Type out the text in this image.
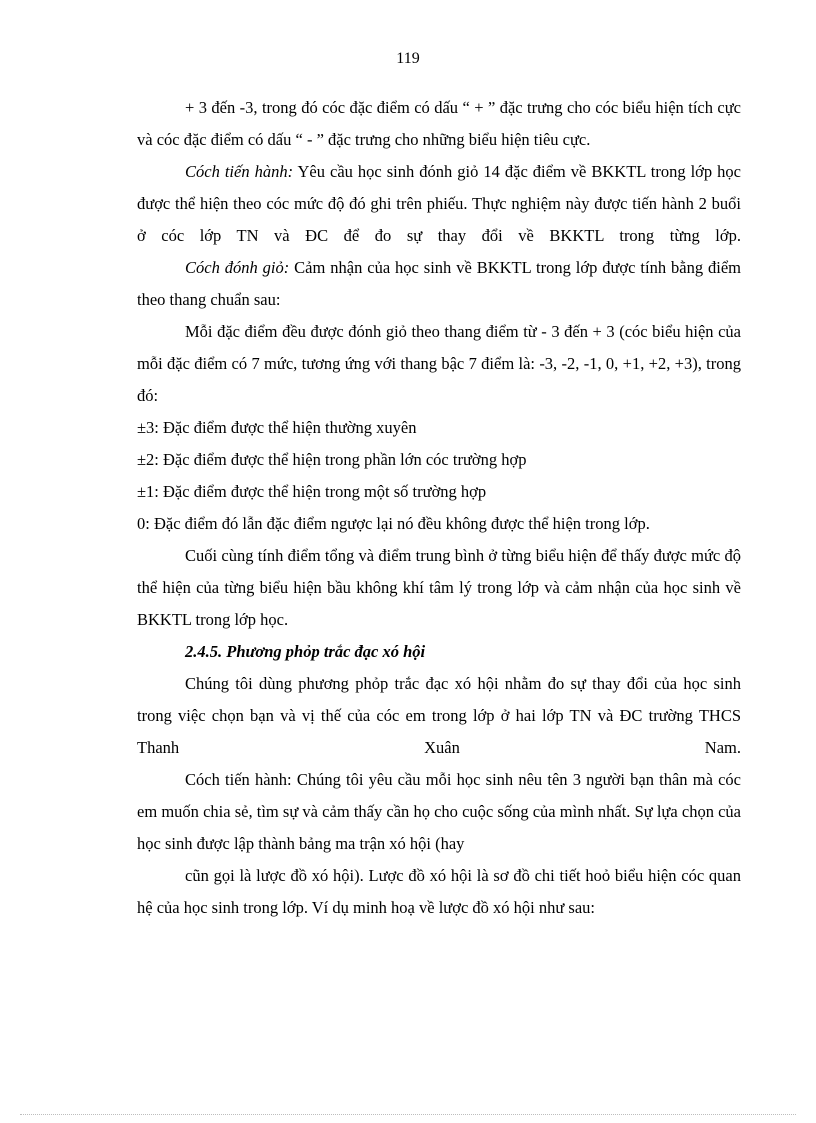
119

+ 3 đến -3, trong đó cóc đặc điểm có dấu “ + ” đặc trưng cho cóc biểu hiện tích cực và cóc đặc điểm có dấu “ - ” đặc trưng cho những biểu hiện tiêu cực.

Cóch tiến hành: Yêu cầu học sinh đónh giỏ 14 đặc điểm về BKKTL trong lớp học được thể hiện theo cóc mức độ đó ghi trên phiếu. Thực nghiệm này được tiến hành 2 buổi ở cóc lớp TN và ĐC để đo sự thay đổi về BKKTL trong từng lớp.

Cóch đónh giỏ: Cảm nhận của học sinh về BKKTL trong lớp được tính bằng điểm theo thang chuẩn sau:

Mỗi đặc điểm đều được đónh giỏ theo thang điểm từ - 3 đến + 3 (cóc biểu hiện của mỗi đặc điểm có 7 mức, tương ứng với thang bậc 7 điểm là: -3, -2, -1, 0, +1, +2, +3), trong đó:

±3: Đặc điểm được thể hiện thường xuyên

±2: Đặc điểm được thể hiện trong phần lớn cóc trường hợp

±1: Đặc điểm được thể hiện trong một số trường hợp

0: Đặc điểm đó lẫn đặc điểm ngược lại nó đều không được thể hiện trong lớp.

Cuối cùng tính điểm tổng và điểm trung bình ở từng biểu hiện để thấy được mức độ thể hiện của từng biểu hiện bầu không khí tâm lý trong lớp và cảm nhận của học sinh về BKKTL trong lớp học.

2.4.5. Phương phỏp trắc đạc xó hội

Chúng tôi dùng phương phỏp trắc đạc xó hội nhằm đo sự thay đổi của học sinh trong việc chọn bạn và vị thế của cóc em trong lớp ở hai lớp TN và ĐC trường THCS Thanh Xuân Nam.

Cóch tiến hành: Chúng tôi yêu cầu mỗi học sinh nêu tên 3 người bạn thân mà cóc em muốn chia sẻ, tìm sự và cảm thấy cần họ cho cuộc sống của mình nhất. Sự lựa chọn của học sinh được lập thành bảng ma trận xó hội (hay

cũn gọi là lược đồ xó hội). Lược đồ xó hội là sơ đồ chi tiết hoỏ biểu hiện cóc quan hệ của học sinh trong lớp. Ví dụ minh hoạ về lược đồ xó hội như sau:
